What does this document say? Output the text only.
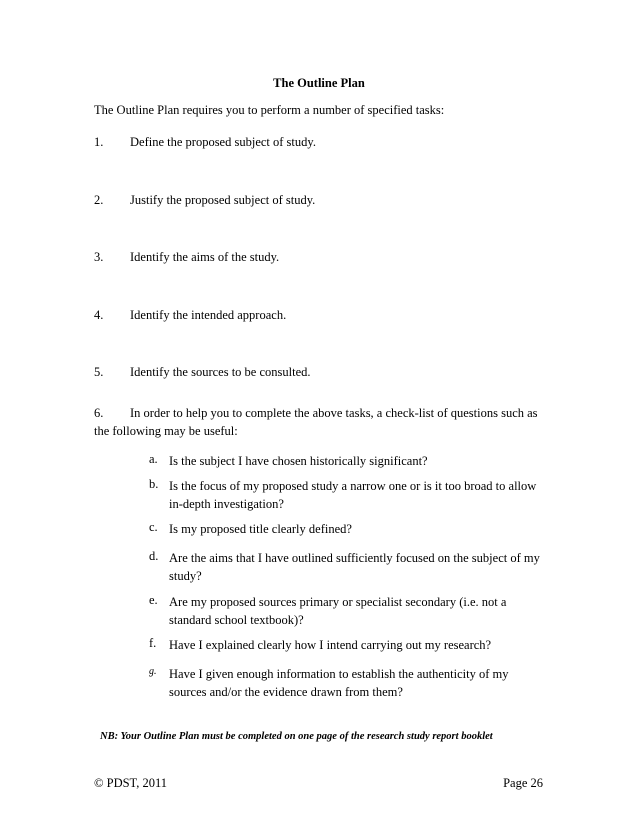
The Outline Plan
The Outline Plan requires you to perform a number of specified tasks:
1. Define the proposed subject of study.
2. Justify the proposed subject of study.
3. Identify the aims of the study.
4. Identify the intended approach.
5. Identify the sources to be consulted.
6. In order to help you to complete the above tasks, a check-list of questions such as
the following may be useful:
a. Is the subject I have chosen historically significant?
b. Is the focus of my proposed study a narrow one or is it too broad to allow
in-depth investigation?
c. Is my proposed title clearly defined?
d. Are the aims that I have outlined sufficiently focused on the subject of my
study?
e. Are my proposed sources primary or specialist secondary (i.e. not a
standard school textbook)?
f. Have I explained clearly how I intend carrying out my research?
g. Have I given enough information to establish the authenticity of my
sources and/or the evidence drawn from them?
NB: Your Outline Plan must be completed on one page of the research study report booklet
© PDST, 2011	Page 26
